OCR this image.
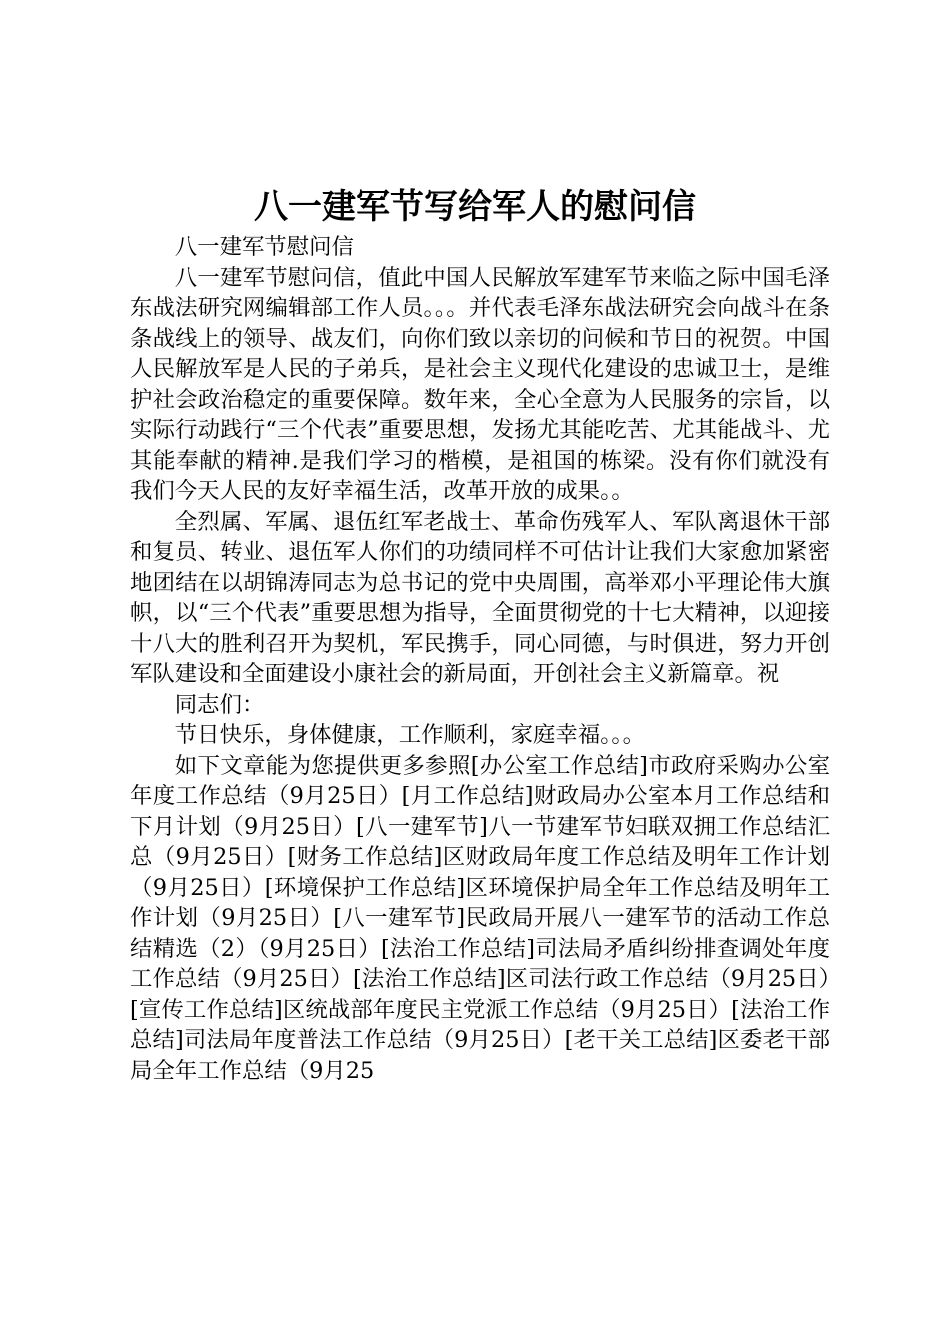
八一建军节写给军人的慰问信

八一建军节慰问信

八一建军节慰问信，值此中国人民解放军建军节来临之际中国毛泽东战法研究网编辑部工作人员。。。并代表毛泽东战法研究会向战斗在条条战线上的领导、战友们，向你们致以亲切的问候和节日的祝贺。中国人民解放军是人民的子弟兵，是社会主义现代化建设的忠诚卫士，是维护社会政治稳定的重要保障。数年来，全心全意为人民服务的宗旨，以实际行动践行“三个代表”重要思想，发扬尤其能吃苦、尤其能战斗、尤其能奉献的精神.是我们学习的楷模，是祖国的栋梁。没有你们就没有我们今天人民的友好幸福生活，改革开放的成果。。

全烈属、军属、退伍红军老战士、革命伤残军人、军队离退休干部和复员、转业、退伍军人你们的功绩同样不可估计让我们大家愈加紧密地团结在以胡锦涛同志为总书记的党中央周围，高举邓小平理论伟大旗帜，以“三个代表”重要思想为指导，全面贯彻党的十七大精神，以迎接十八大的胜利召开为契机，军民携手，同心同德，与时俱进，努力开创军队建设和全面建设小康社会的新局面，开创社会主义新篇章。祝

同志们：

节日快乐，身体健康，工作顺利，家庭幸福。。。

如下文章能为您提供更多参照[办公室工作总结]市政府采购办公室年度工作总结（9月25日）[月工作总结]财政局办公室本月工作总结和下月计划（9月25日）[八一建军节]八一节建军节妇联双拥工作总结汇总（9月25日）[财务工作总结]区财政局年度工作总结及明年工作计划（9月25日）[环境保护工作总结]区环境保护局全年工作总结及明年工作计划（9月25日）[八一建军节]民政局开展八一建军节的活动工作总结精选（2）（9月25日）[法治工作总结]司法局矛盾纠纷排查调处年度工作总结（9月25日）[法治工作总结]区司法行政工作总结（9月25日）[宣传工作总结]区统战部年度民主党派工作总结（9月25日）[法治工作总结]司法局年度普法工作总结（9月25日）[老干关工总结]区委老干部局全年工作总结（9月25
